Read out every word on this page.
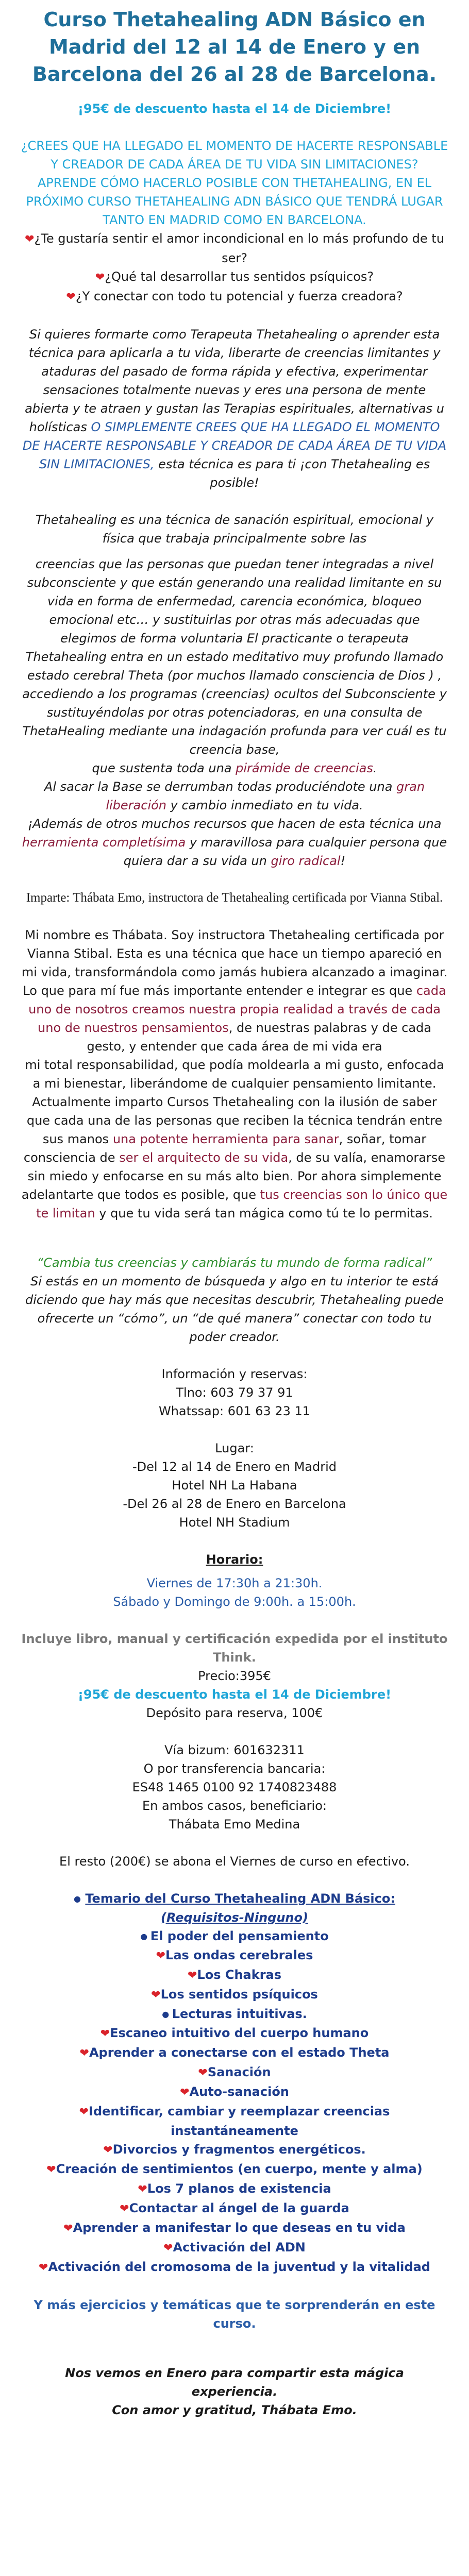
Curso Thetahealing ADN Básico en Madrid del 12 al 14 de Enero y en Barcelona del 26 al 28 de Barcelona.

¡95€ de descuento hasta el 14 de Diciembre!

¿CREES QUE HA LLEGADO EL MOMENTO DE HACERTE RESPONSABLE Y CREADOR DE CADA ÁREA DE TU VIDA SIN LIMITACIONES?

APRENDE CÓMO HACERLO POSIBLE CON THETAHEALING, EN EL PRÓXIMO CURSO THETAHEALING ADN BÁSICO QUE TENDRÁ LUGAR TANTO EN MADRID COMO EN BARCELONA.

❤¿Te gustaría sentir el amor incondicional en lo más profundo de tu ser?

❤¿Qué tal desarrollar tus sentidos psíquicos?

❤¿Y conectar con todo tu potencial y fuerza creadora?

Si quieres formarte como Terapeuta Thetahealing o aprender esta técnica para aplicarla a tu vida, liberarte de creencias limitantes y ataduras del pasado de forma rápida y efectiva, experimentar sensaciones totalmente nuevas y eres una persona de mente abierta y te atraen y gustan las Terapias espirituales, alternativas u holísticas O SIMPLEMENTE CREES QUE HA LLEGADO EL MOMENTO DE HACERTE RESPONSABLE Y CREADOR DE CADA ÁREA DE TU VIDA SIN LIMITACIONES, esta técnica es para ti ¡con Thetahealing es posible!

Thetahealing es una técnica de sanación espiritual, emocional y física que trabaja principalmente sobre las

creencias que las personas que puedan tener integradas a nivel subconsciente y que están generando una realidad limitante en su vida en forma de enfermedad, carencia económica, bloqueo emocional etc… y sustituirlas por otras más adecuadas que elegimos de forma voluntaria El practicante o terapeuta Thetahealing entra en un estado meditativo muy profundo llamado estado cerebral Theta (por muchos llamado consciencia de Dios ) , accediendo a los programas (creencias) ocultos del Subconsciente y sustituyéndolas por otras potenciadoras, en una consulta de ThetaHealing mediante una indagación profunda para ver cuál es tu creencia base,

que sustenta toda una pirámide de creencias.

Al sacar la Base se derrumban todas produciéndote una gran liberación y cambio inmediato en tu vida.

¡Además de otros muchos recursos que hacen de esta técnica una herramienta completísima y maravillosa para cualquier persona que quiera dar a su vida un giro radical!

Impar​te: Thábata Emo, instructora de Thetahealing certificada por Vianna Stibal.

Mi nombre es Thábata. Soy instructora Thetahealing certificada por Vianna Stibal. Esta es una técnica que hace un tiempo apareció en mi vida, transformándola como jamás hubiera alcanzado a imaginar. Lo que para mí fue más importante entender e integrar es que cada uno de nosotros creamos nuestra propia realidad a través de cada uno de nuestros pensamientos, de nuestras palabras y de cada gesto, y entender que cada área de mi vida era

mi total responsabilidad, que podía moldearla a mi gusto, enfocada a mi bienestar, liberándome de cualquier pensamiento limitante. Actualmente imparto Cursos Thetahealing con la ilusión de saber que cada una de las personas que reciben la técnica tendrán entre sus manos una potente herramienta para sanar, soñar, tomar consciencia de ser el arquitecto de su vida, de su valía, enamorarse sin miedo y enfocarse en su más alto bien. Por ahora simplemente adelantarte que todos es posible, que tus creencias son lo único que te limitan y que tu vida será tan mágica como tú te lo permitas.

“Cambia tus creencias y cambiarás tu mundo de forma radical”

Si estás en un momento de búsqueda y algo en tu interior te está diciendo que hay más que necesitas descubrir, Thetahealing puede ofrecerte un “cómo”, un “de qué manera” conectar con todo tu poder creador.

Información y reservas:

Tlno: 603 79 37 91

Whatssap: 601 63 23 11

Lugar:

-Del 12 al 14 de Enero en Madrid

Hotel NH La Habana

-Del 26 al 28 de Enero en Barcelona

Hotel NH Stadium

Horario:

Viernes de 17:30h a 21:30h.

Sábado y Domingo de 9:00h. a 15:00h.

Incluye libro, manual y certificación expedida por el instituto Think.

Precio:395€

¡95€ de descuento hasta el 14 de Diciembre!

Depósito para reserva, 100€

Vía bizum: 601632311

O por transferencia bancaria:

ES48 1465 0100 92 1740823488

En ambos casos, beneficiario:

Thábata Emo Medina

El resto (200€) se abona el Viernes de curso en efectivo.

● Temario del Curso Thetahealing ADN Básico:

(Requisitos-Ninguno)

● El poder del pensamiento
❤Las ondas cerebrales
❤Los Chakras
❤Los sentidos psíquicos
● Lecturas intuitivas.
❤Escaneo intuitivo del cuerpo humano
❤Aprender a conectarse con el estado Theta
❤Sanación
❤Auto-sanación
❤Identificar, cambiar y reemplazar creencias instantáneamente
❤Divorcios y fragmentos energéticos.
❤Creación de sentimientos (en cuerpo, mente y alma)
❤Los 7 planos de existencia
❤Contactar al ángel de la guarda
❤Aprender a manifestar lo que deseas en tu vida
❤Activación del ADN
❤Activación del cromosoma de la juventud y la vitalidad

Y más ejercicios y temáticas que te sorprenderán en este curso.

Nos vemos en Enero para compartir esta mágica experiencia.

Con amor y gratitud, Thábata Emo.
